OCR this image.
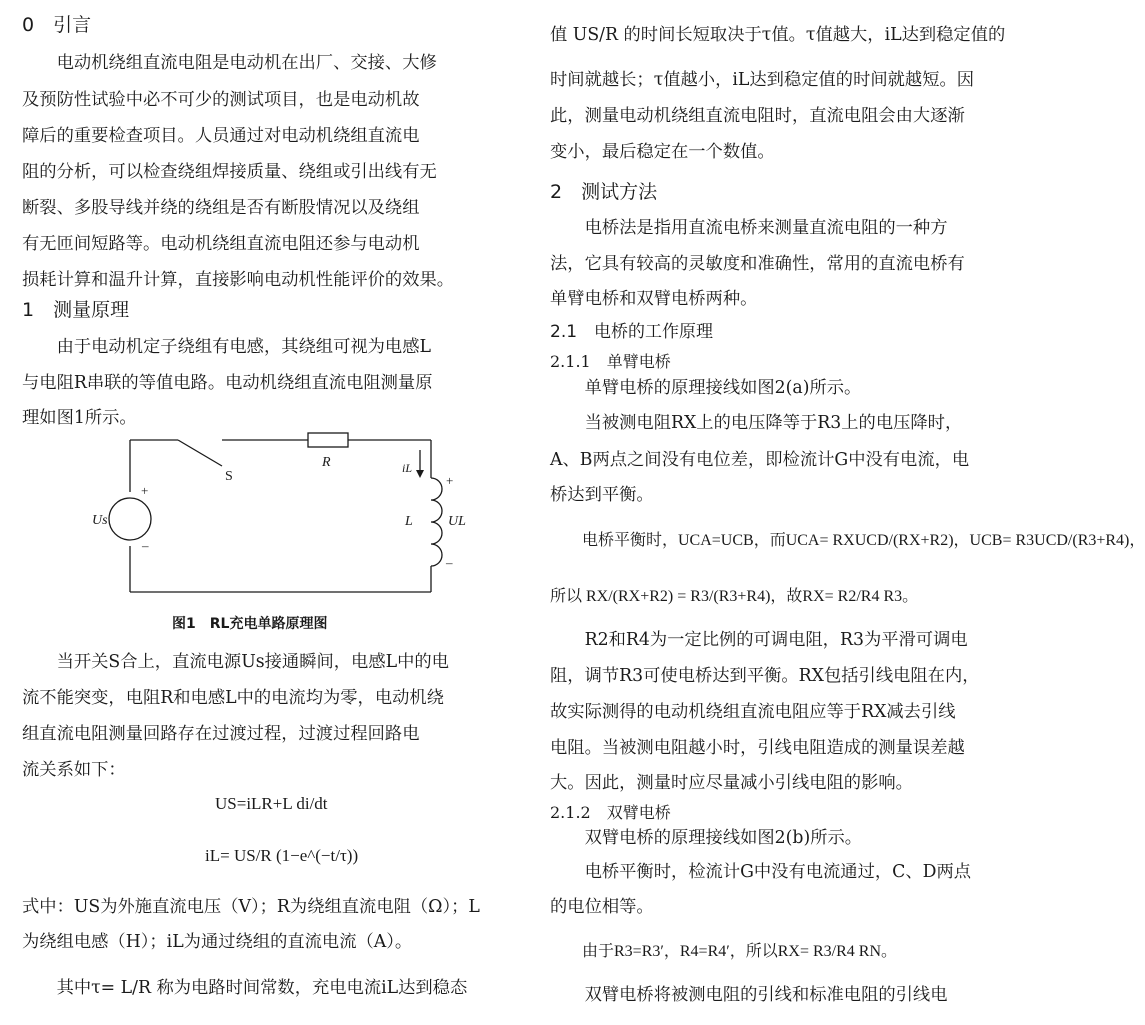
0　引言
　　电动机绕组直流电阻是电动机在出厂、交接、大修
及预防性试验中必不可少的测试项目，也是电动机故
障后的重要检查项目。人员通过对电动机绕组直流电
阻的分析，可以检查绕组焊接质量、绕组或引出线有无
断裂、多股导线并绕的绕组是否有断股情况以及绕组
有无匝间短路等。电动机绕组直流电阻还参与电动机
损耗计算和温升计算，直接影响电动机性能评价的效果。
1　测量原理
　　由于电动机定子绕组有电感，其绕组可视为电感L
与电阻R串联的等值电路。电动机绕组直流电阻测量原
理如图1所示。
S
R	iL
L	UL
Us
+
–
+
–
图1　RL充电单路原理图
　　当开关S合上，直流电源Us接通瞬间，电感L中的电
流不能突变，电阻R和电感L中的电流均为零，电动机绕
组直流电阻测量回路存在过渡过程，过渡过程回路电
流关系如下：
US=iLR+L di/dt
iL= US/R (1−e^(−t/τ))
式中：US为外施直流电压（V）；R为绕组直流电阻（Ω）；L
为绕组电感（H）；iL为通过绕组的直流电流（A）。
　　其中τ= L/R 称为电路时间常数，充电电流iL达到稳态
值 US/R 的时间长短取决于τ值。τ值越大，iL达到稳定值的
时间就越长；τ值越小，iL达到稳定值的时间就越短。因
此，测量电动机绕组直流电阻时，直流电阻会由大逐渐
变小，最后稳定在一个数值。
2　测试方法
　　电桥法是指用直流电桥来测量直流电阻的一种方
法，它具有较高的灵敏度和准确性，常用的直流电桥有
单臂电桥和双臂电桥两种。
2.1　电桥的工作原理
2.1.1　单臂电桥
　　单臂电桥的原理接线如图2(a)所示。
　　当被测电阻RX上的电压降等于R3上的电压降时，
A、B两点之间没有电位差，即检流计G中没有电流，电
桥达到平衡。
　　电桥平衡时，UCA=UCB，而UCA= RXUCD/(RX+R2)，UCB= R3UCD/(R3+R4)，
所以 RX/(RX+R2) = R3/(R3+R4)，故RX= R2/R4 R3。
　　R2和R4为一定比例的可调电阻，R3为平滑可调电
阻，调节R3可使电桥达到平衡。RX包括引线电阻在内，
故实际测得的电动机绕组直流电阻应等于RX减去引线
电阻。当被测电阻越小时，引线电阻造成的测量误差越
大。因此，测量时应尽量减小引线电阻的影响。
2.1.2　双臂电桥
　　双臂电桥的原理接线如图2(b)所示。
　　电桥平衡时，检流计G中没有电流通过，C、D两点
的电位相等。
　　由于R3=R3′，R4=R4′，所以RX= R3/R4 RN。
　　双臂电桥将被测电阻的引线和标准电阻的引线电
